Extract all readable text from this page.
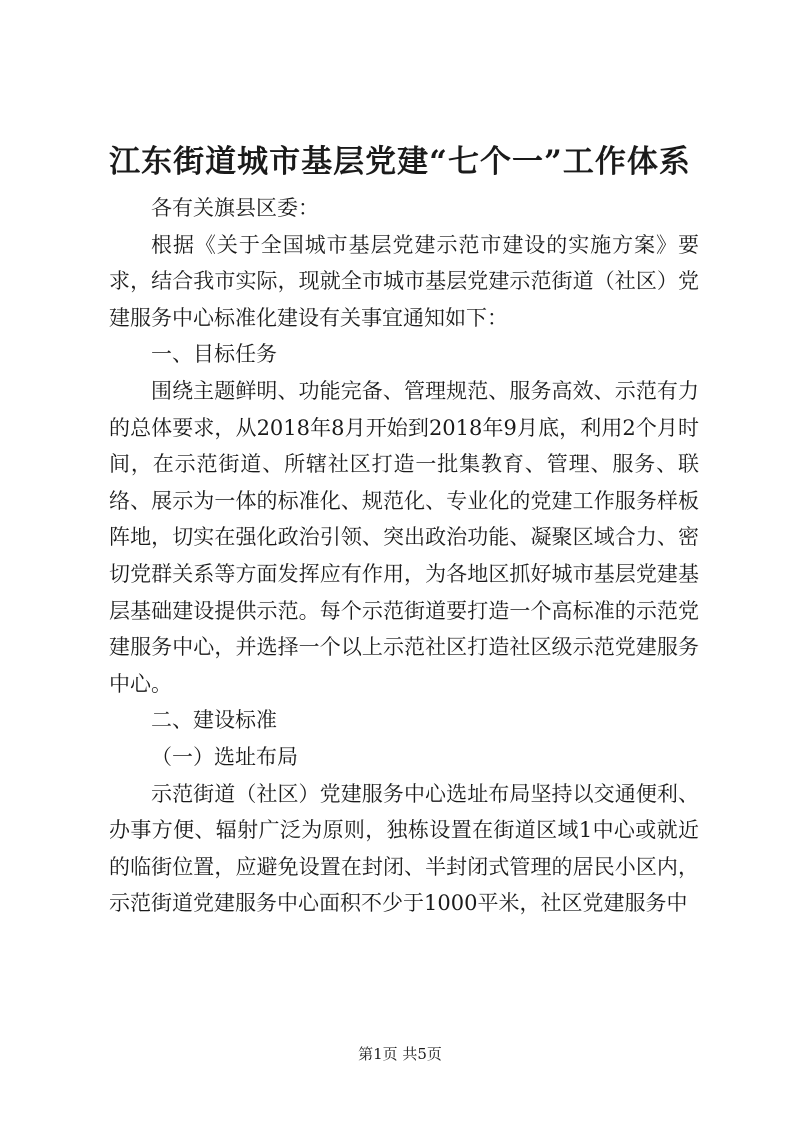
江东街道城市基层党建“七个一”工作体系

各有关旗县区委：

根据《关于全国城市基层党建示范市建设的实施方案》要求，结合我市实际，现就全市城市基层党建示范街道（社区）党建服务中心标准化建设有关事宜通知如下：

一、目标任务

围绕主题鲜明、功能完备、管理规范、服务高效、示范有力的总体要求，从2018年8月开始到2018年9月底，利用2个月时间，在示范街道、所辖社区打造一批集教育、管理、服务、联络、展示为一体的标准化、规范化、专业化的党建工作服务样板阵地，切实在强化政治引领、突出政治功能、凝聚区域合力、密切党群关系等方面发挥应有作用，为各地区抓好城市基层党建基层基础建设提供示范。每个示范街道要打造一个高标准的示范党建服务中心，并选择一个以上示范社区打造社区级示范党建服务中心。

二、建设标准

（一）选址布局

示范街道（社区）党建服务中心选址布局坚持以交通便利、办事方便、辐射广泛为原则，独栋设置在街道区域1中心或就近的临街位置，应避免设置在封闭、半封闭式管理的居民小区内，示范街道党建服务中心面积不少于1000平米，社区党建服务中

第1页 共5页
